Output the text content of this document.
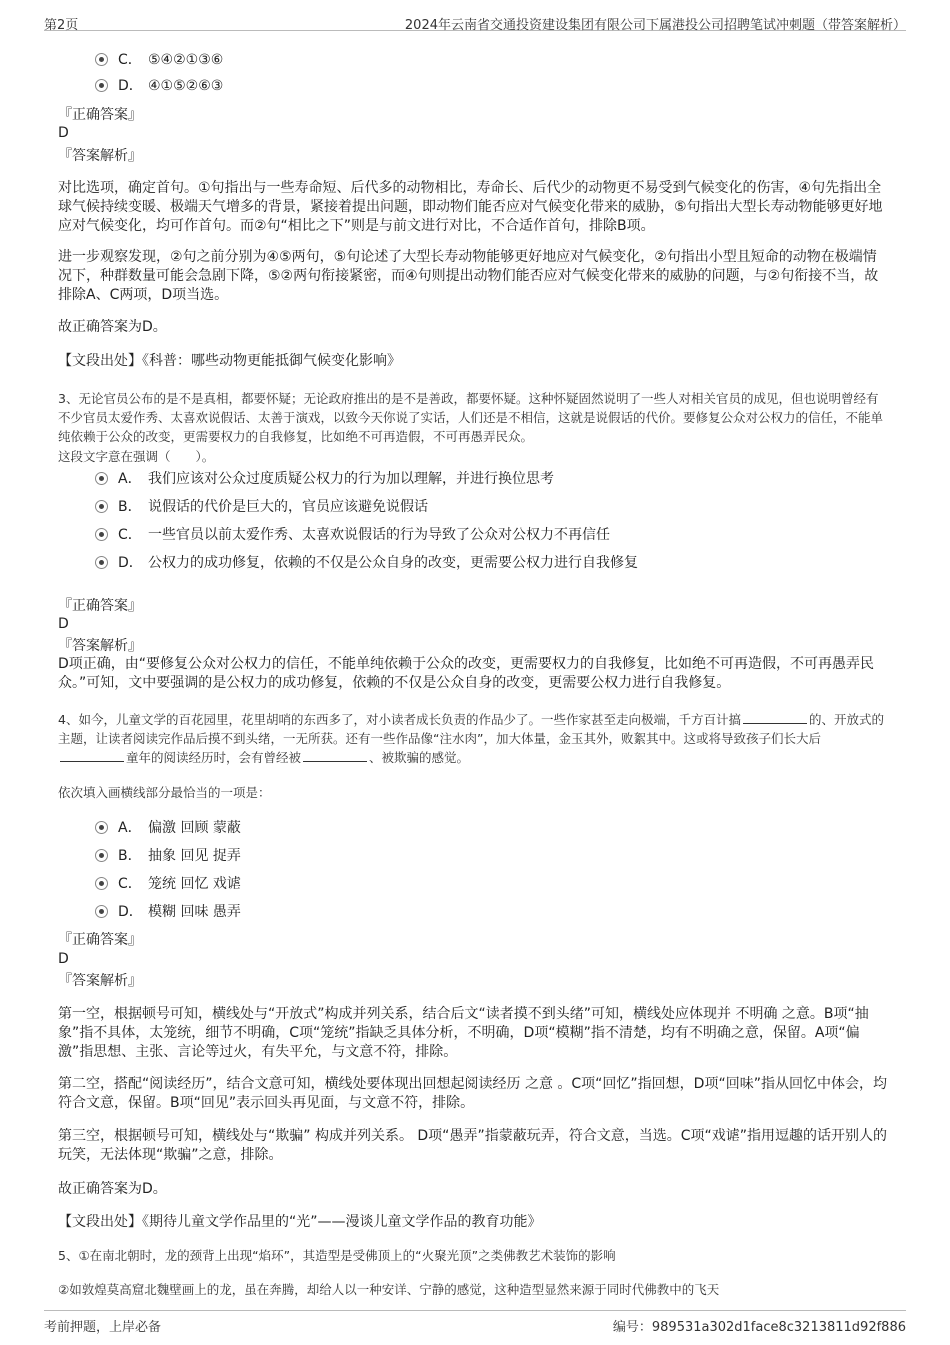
第2页	2024年云南省交通投资建设集团有限公司下属港投公司招聘笔试冲刺题（带答案解析）
C． ⑤④②①③⑥
D． ④①⑤②⑥③
『正确答案』
D
『答案解析』
对比选项，确定首句。①句指出与一些寿命短、后代多的动物相比，寿命长、后代少的动物更不易受到气候变化的伤害，④句先指出全球气候持续变暖、极端天气增多的背景，紧接着提出问题，即动物们能否应对气候变化带来的威胁，⑤句指出大型长寿动物能够更好地应对气候变化，均可作首句。而②句“相比之下”则是与前文进行对比，不合适作首句，排除B项。
进一步观察发现，②句之前分别为④⑤两句，⑤句论述了大型长寿动物能够更好地应对气候变化，②句指出小型且短命的动物在极端情况下，种群数量可能会急剧下降，⑤②两句衔接紧密，而④句则提出动物们能否应对气候变化带来的威胁的问题，与②句衔接不当，故排除A、C两项，D项当选。
故正确答案为D。
【文段出处】《科普：哪些动物更能抵御气候变化影响》
3、无论官员公布的是不是真相，都要怀疑；无论政府推出的是不是善政，都要怀疑。这种怀疑固然说明了一些人对相关官员的成见，但也说明曾经有不少官员太爱作秀、太喜欢说假话、太善于演戏，以致今天你说了实话，人们还是不相信，这就是说假话的代价。要修复公众对公权力的信任，不能单纯依赖于公众的改变，更需要权力的自我修复，比如绝不可再造假，不可再愚弄民众。
这段文字意在强调（　　）。
A． 我们应该对公众过度质疑公权力的行为加以理解，并进行换位思考
B． 说假话的代价是巨大的，官员应该避免说假话
C． 一些官员以前太爱作秀、太喜欢说假话的行为导致了公众对公权力不再信任
D． 公权力的成功修复，依赖的不仅是公众自身的改变，更需要公权力进行自我修复
『正确答案』
D
『答案解析』
D项正确，由“要修复公众对公权力的信任，不能单纯依赖于公众的改变，更需要权力的自我修复，比如绝不可再造假，不可再愚弄民众。”可知，文中要强调的是公权力的成功修复，依赖的不仅是公众自身的改变，更需要公权力进行自我修复。
4、如今，儿童文学的百花园里，花里胡哨的东西多了，对小读者成长负责的作品少了。一些作家甚至走向极端，千方百计搞	的、开放式的主题，让读者阅读完作品后摸不到头绪，一无所获。还有一些作品像“注水肉”，加大体量，金玉其外，败絮其中。这或将导致孩子们长大后童年的阅读经历时，会有曾经被	、被欺骗的感觉。
依次填入画横线部分最恰当的一项是：
A． 偏激 回顾 蒙蔽
B． 抽象 回见 捉弄
C． 笼统 回忆 戏谑
D． 模糊 回味 愚弄
『正确答案』
D
『答案解析』
第一空，根据顿号可知，横线处与“开放式”构成并列关系，结合后文“读者摸不到头绪”可知，横线处应体现并 不明确 之意。B项“抽象”指不具体，太笼统，细节不明确，C项“笼统”指缺乏具体分析，不明确，D项“模糊”指不清楚，均有不明确之意，保留。A项“偏激”指思想、主张、言论等过火，有失平允，与文意不符，排除。
第二空，搭配“阅读经历”，结合文意可知，横线处要体现出回想起阅读经历 之意 。C项“回忆”指回想，D项“回味”指从回忆中体会，均符合文意，保留。B项“回见”表示回头再见面，与文意不符，排除。
第三空，根据顿号可知，横线处与“欺骗” 构成并列关系。 D项“愚弄”指蒙蔽玩弄，符合文意，当选。C项“戏谑”指用逗趣的话开别人的玩笑，无法体现“欺骗”之意，排除。
故正确答案为D。
【文段出处】《期待儿童文学作品里的“光”——漫谈儿童文学作品的教育功能》
5、①在南北朝时，龙的颈背上出现“焰环”，其造型是受佛顶上的“火聚光顶”之类佛教艺术装饰的影响
②如敦煌莫高窟北魏壁画上的龙，虽在奔腾，却给人以一种安详、宁静的感觉，这种造型显然来源于同时代佛教中的飞天
考前押题，上岸必备	编号：989531a302d1face8c3213811d92f886
